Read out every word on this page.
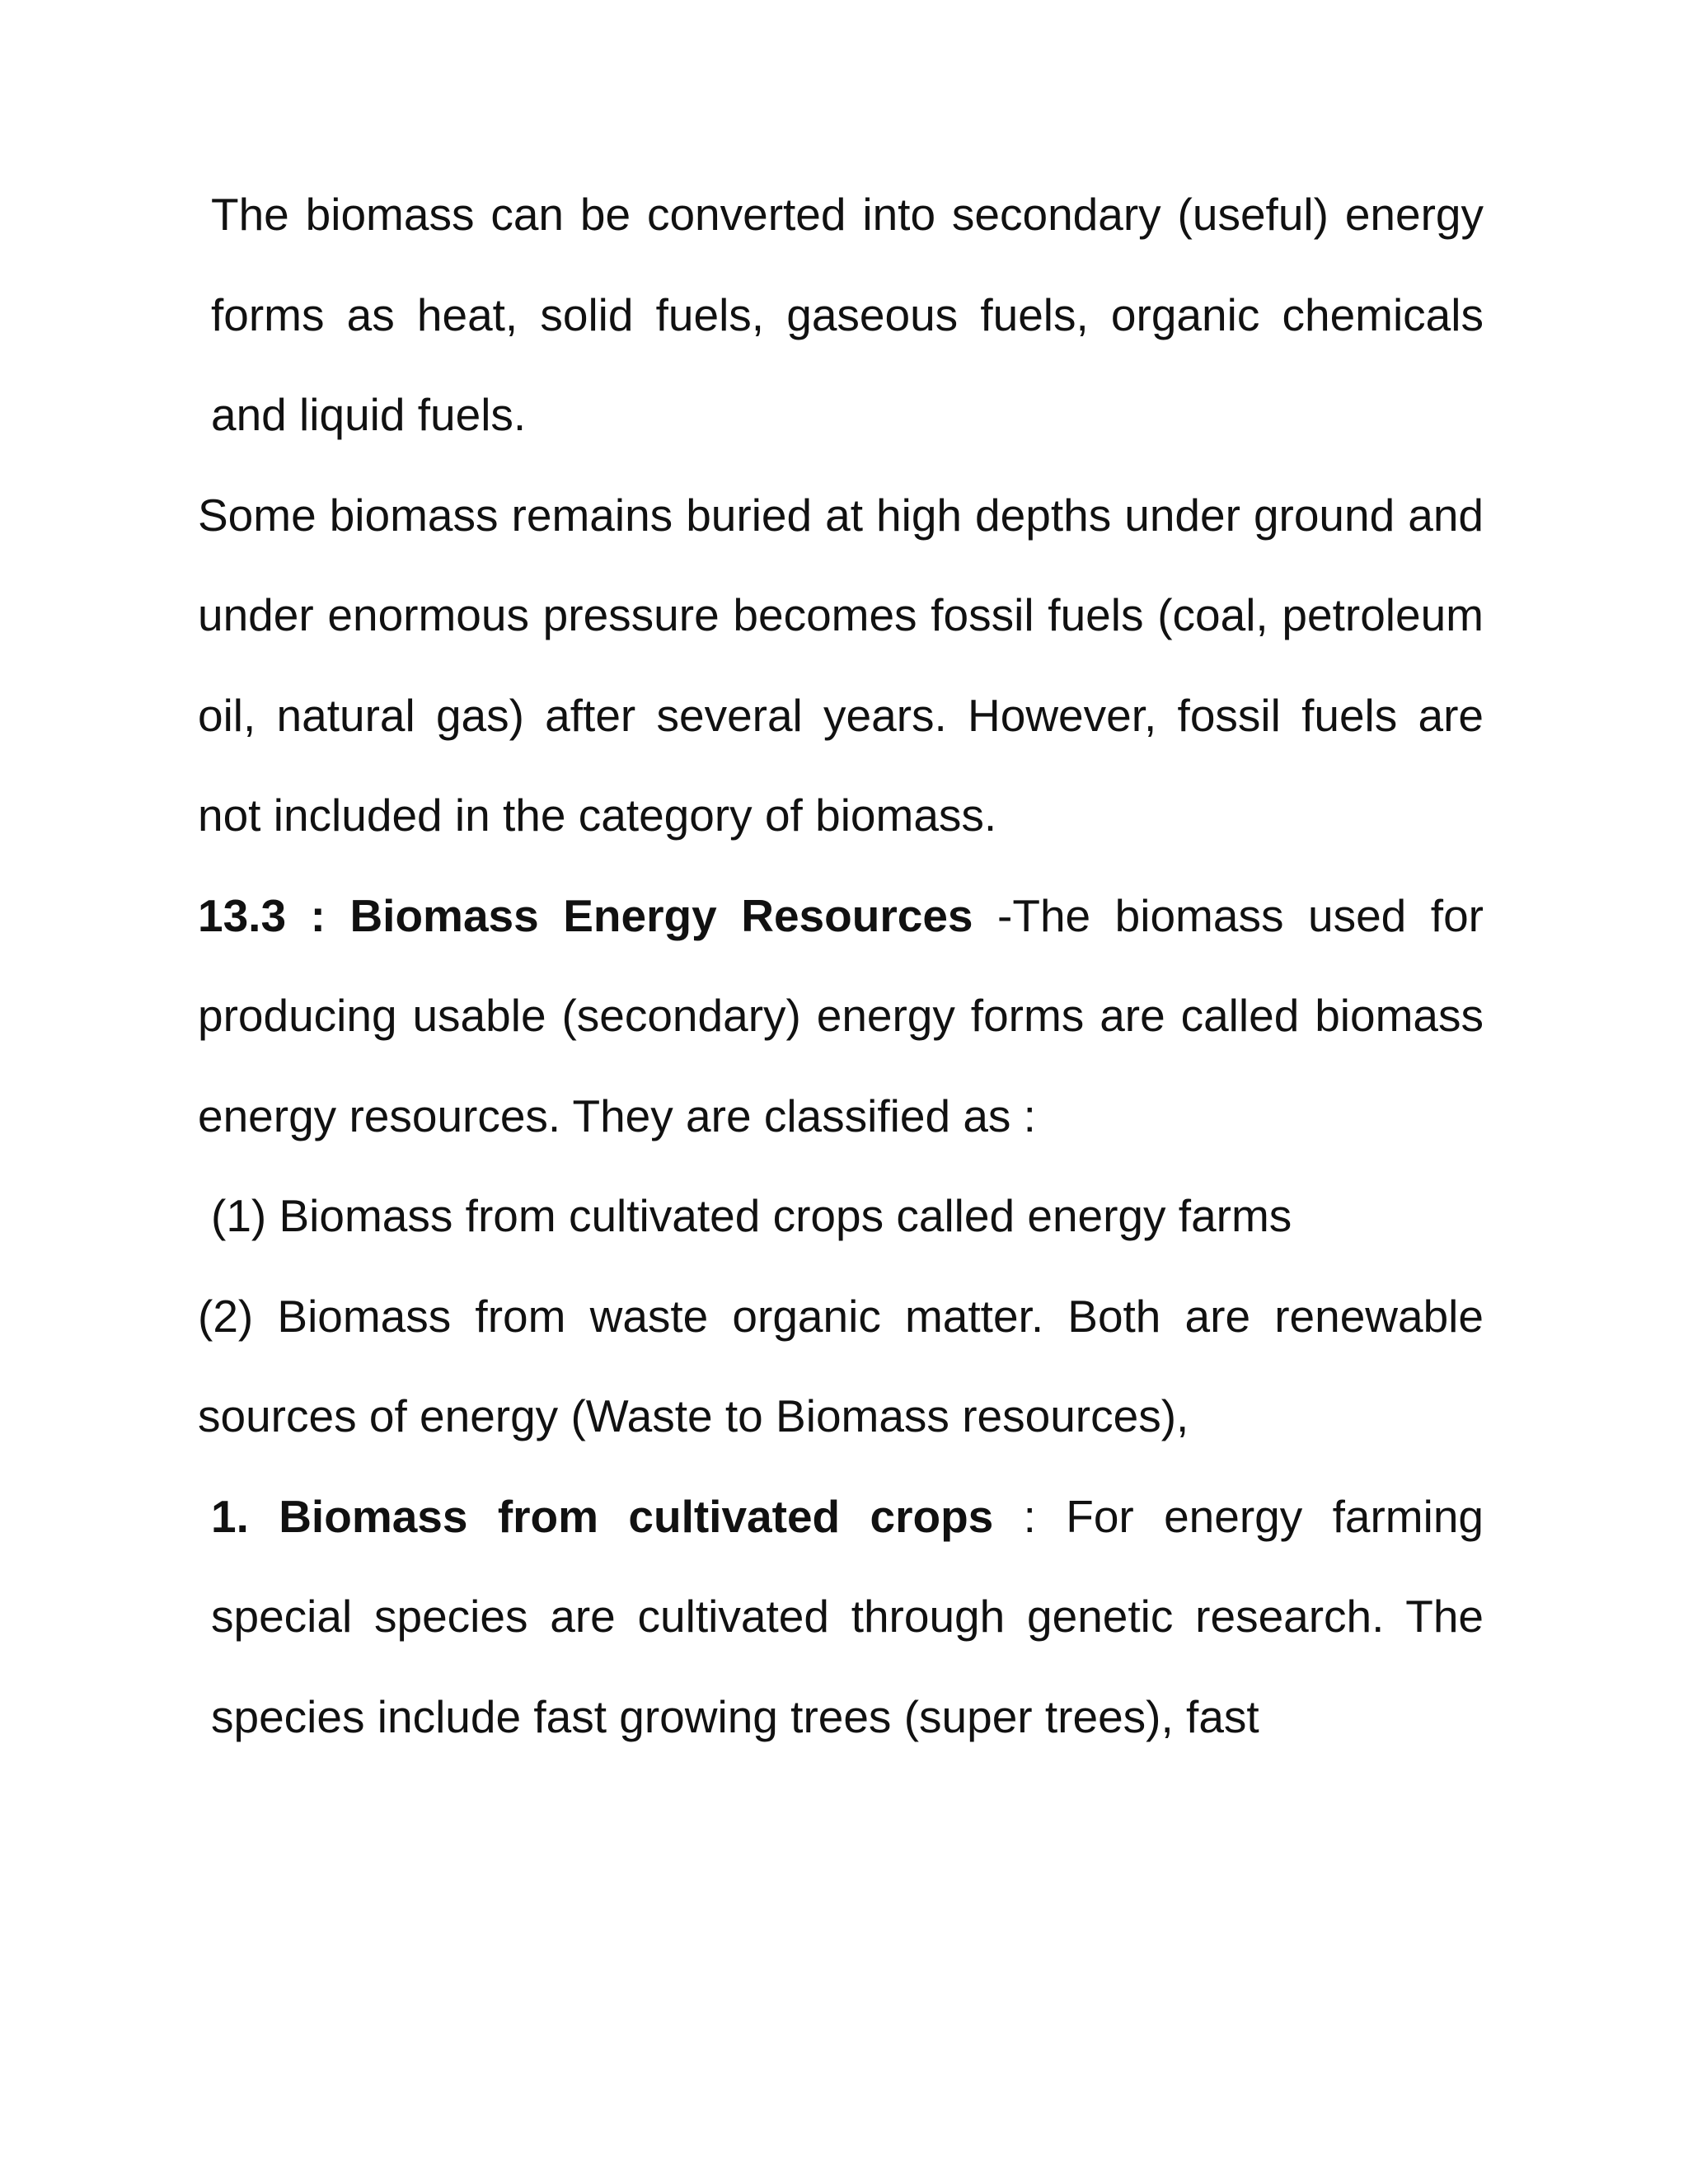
The biomass can be converted into secondary (useful) energy forms as heat, solid fuels, gaseous fuels, organic chemicals and liquid fuels.

Some biomass remains buried at high depths under ground and under enormous pressure becomes fossil fuels (coal, petroleum oil, natural gas) after several years. However, fossil fuels are not included in the category of biomass.

13.3 : Biomass Energy Resources -The biomass used for producing usable (secondary) energy forms are called biomass energy resources. They are classified as :

(1) Biomass from cultivated crops called energy farms

(2) Biomass from waste organic matter. Both are renewable sources of energy (Waste to Biomass resources),

1. Biomass from cultivated crops : For energy farming special species are cultivated through genetic research. The species include fast growing trees (super trees), fast
